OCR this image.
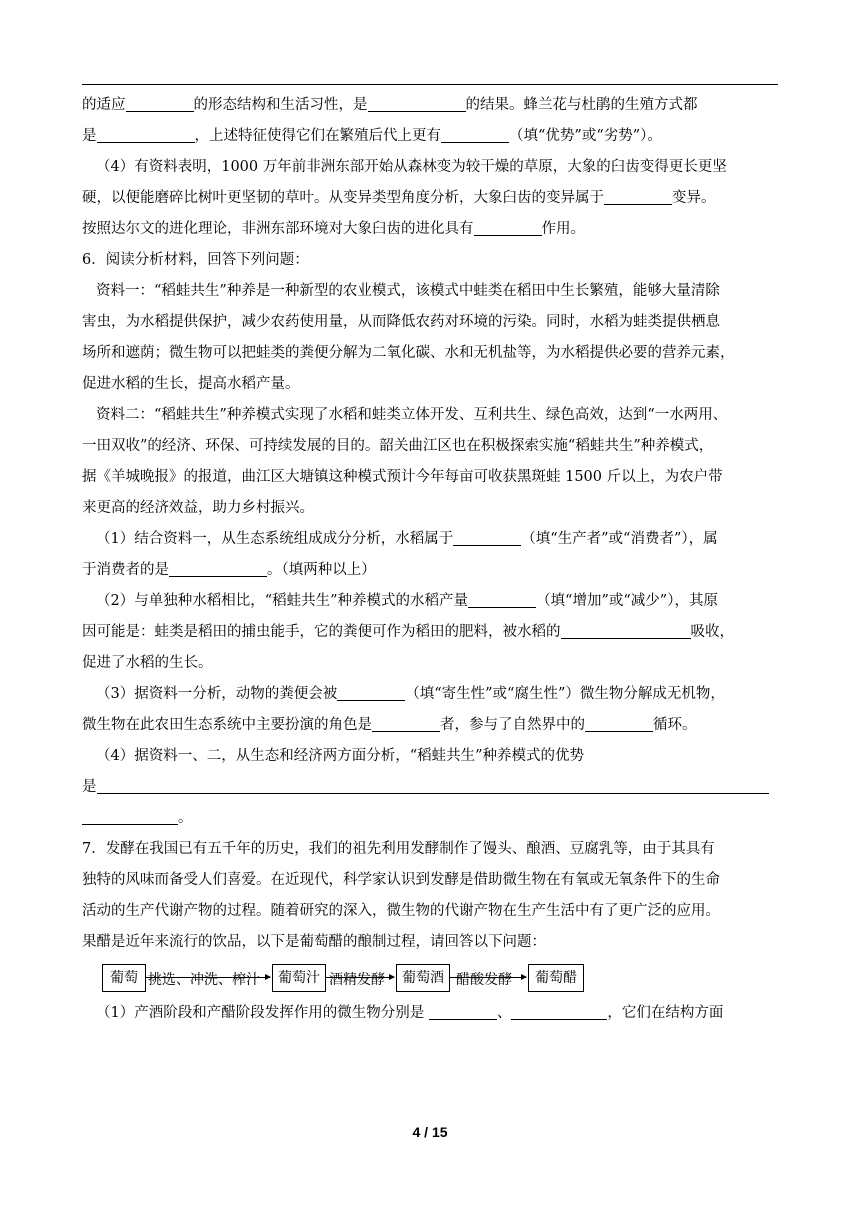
的适应	的形态结构和生活习性，是	的结果。蜂兰花与杜鹃的生殖方式都

是	，上述特征使得它们在繁殖后代上更有	（填“优势”或“劣势”）。

（4）有资料表明，1000 万年前非洲东部开始从森林变为较干燥的草原，大象的臼齿变得更长更坚

硬，以便能磨碎比树叶更坚韧的草叶。从变异类型角度分析，大象臼齿的变异属于	变异。

按照达尔文的进化理论，非洲东部环境对大象臼齿的进化具有	作用。

6．阅读分析材料，回答下列问题：

资料一：“稻蛙共生”种养是一种新型的农业模式，该模式中蛙类在稻田中生长繁殖，能够大量清除

害虫，为水稻提供保护，减少农药使用量，从而降低农药对环境的污染。同时，水稻为蛙类提供栖息
场所和遮荫；微生物可以把蛙类的粪便分解为二氧化碳、水和无机盐等，为水稻提供必要的营养元素，
促进水稻的生长，提高水稻产量。

资料二：“稻蛙共生”种养模式实现了水稻和蛙类立体开发、互利共生、绿色高效，达到“一水两用、

一田双收”的经济、环保、可持续发展的目的。韶关曲江区也在积极探索实施“稻蛙共生”种养模式，
据《羊城晚报》的报道，曲江区大塘镇这种模式预计今年每亩可收获黑斑蛙 1500 斤以上，为农户带
来更高的经济效益，助力乡村振兴。

（1）结合资料一，从生态系统组成成分分析，水稻属于	（填“生产者”或“消费者”），属

于消费者的是	。（填两种以上）

（2）与单独种水稻相比，“稻蛙共生”种养模式的水稻产量	（填“增加”或“减少”），其原

因可能是：蛙类是稻田的捕虫能手，它的粪便可作为稻田的肥料，被水稻的	吸收，

促进了水稻的生长。

（3）据资料一分析，动物的粪便会被	（填“寄生性”或“腐生性”）微生物分解成无机物，

微生物在此农田生态系统中主要扮演的角色是	者，参与了自然界中的	循环。

（4）据资料一、二，从生态和经济两方面分析，“稻蛙共生”种养模式的优势

是

。

7．发酵在我国已有五千年的历史，我们的祖先利用发酵制作了馒头、酿酒、豆腐乳等，由于其具有
独特的风味而备受人们喜爱。在近现代，科学家认识到发酵是借助微生物在有氧或无氧条件下的生命
活动的生产代谢产物的过程。随着研究的深入，微生物的代谢产物在生产生活中有了更广泛的应用。
果醋是近年来流行的饮品，以下是葡萄醋的酿制过程，请回答以下问题：

葡萄 挑选、冲洗、榨汁	葡萄汁 酒精发酵	葡萄酒 醋酸发酵	葡萄醋

（1）产酒阶段和产醋阶段发挥作用的微生物分别是	、	，它们在结构方面

4 / 15
